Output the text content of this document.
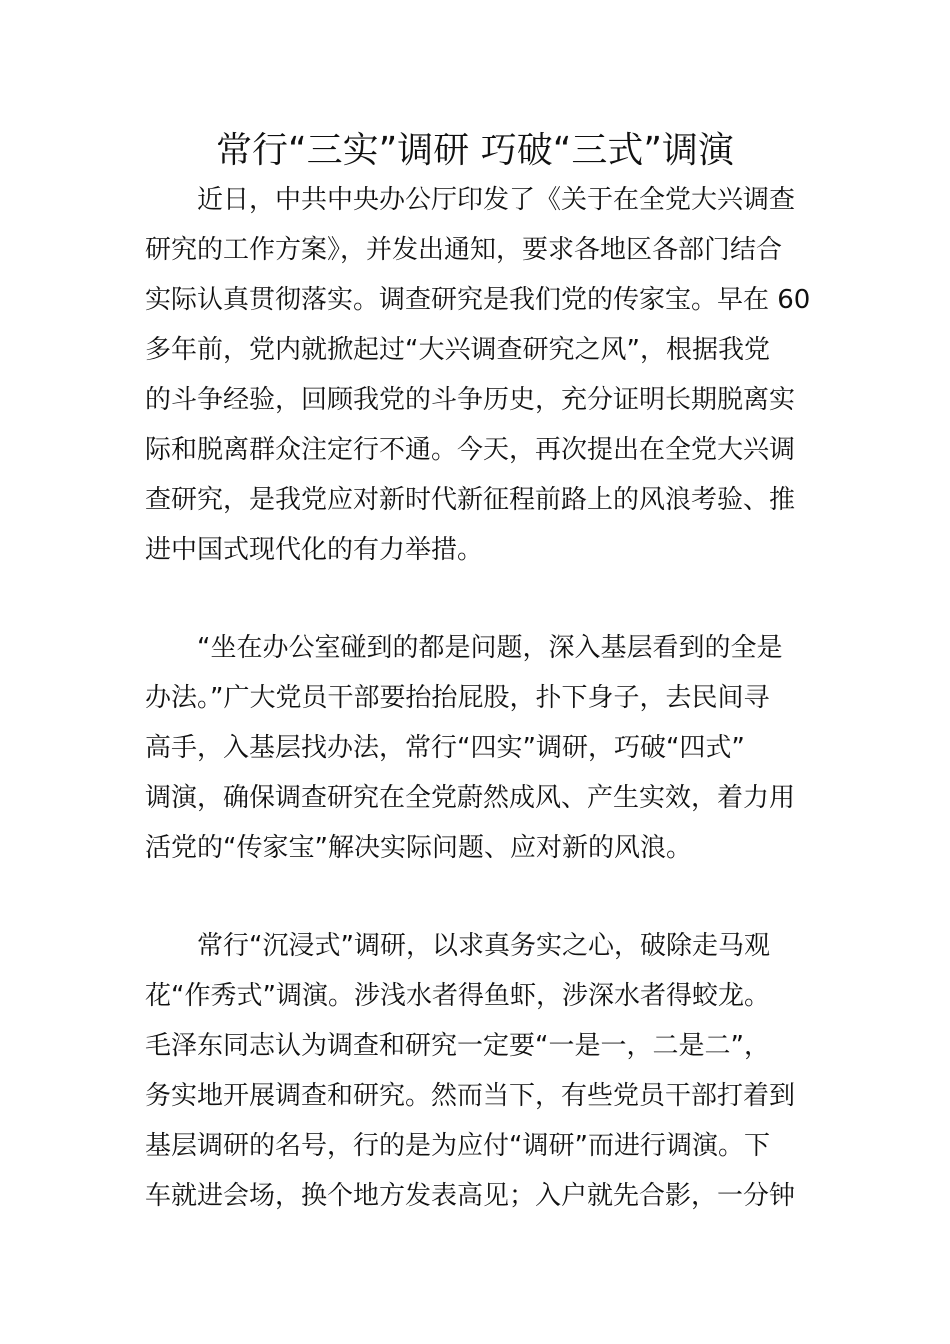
常行“三实”调研 巧破“三式”调演
近日，中共中央办公厅印发了《关于在全党大兴调查
研究的工作方案》，并发出通知，要求各地区各部门结合
实际认真贯彻落实。调查研究是我们党的传家宝。早在 60
多年前，党内就掀起过“大兴调查研究之风”，根据我党
的斗争经验，回顾我党的斗争历史，充分证明长期脱离实
际和脱离群众注定行不通。今天，再次提出在全党大兴调
查研究，是我党应对新时代新征程前路上的风浪考验、推
进中国式现代化的有力举措。
“坐在办公室碰到的都是问题，深入基层看到的全是
办法。”广大党员干部要抬抬屁股，扑下身子，去民间寻
高手，入基层找办法，常行“四实”调研，巧破“四式”
调演，确保调查研究在全党蔚然成风、产生实效，着力用
活党的“传家宝”解决实际问题、应对新的风浪。
常行“沉浸式”调研，以求真务实之心，破除走马观
花“作秀式”调演。涉浅水者得鱼虾，涉深水者得蛟龙。
毛泽东同志认为调查和研究一定要“一是一，二是二”，
务实地开展调查和研究。然而当下，有些党员干部打着到
基层调研的名号，行的是为应付“调研”而进行调演。下
车就进会场，换个地方发表高见；入户就先合影，一分钟
